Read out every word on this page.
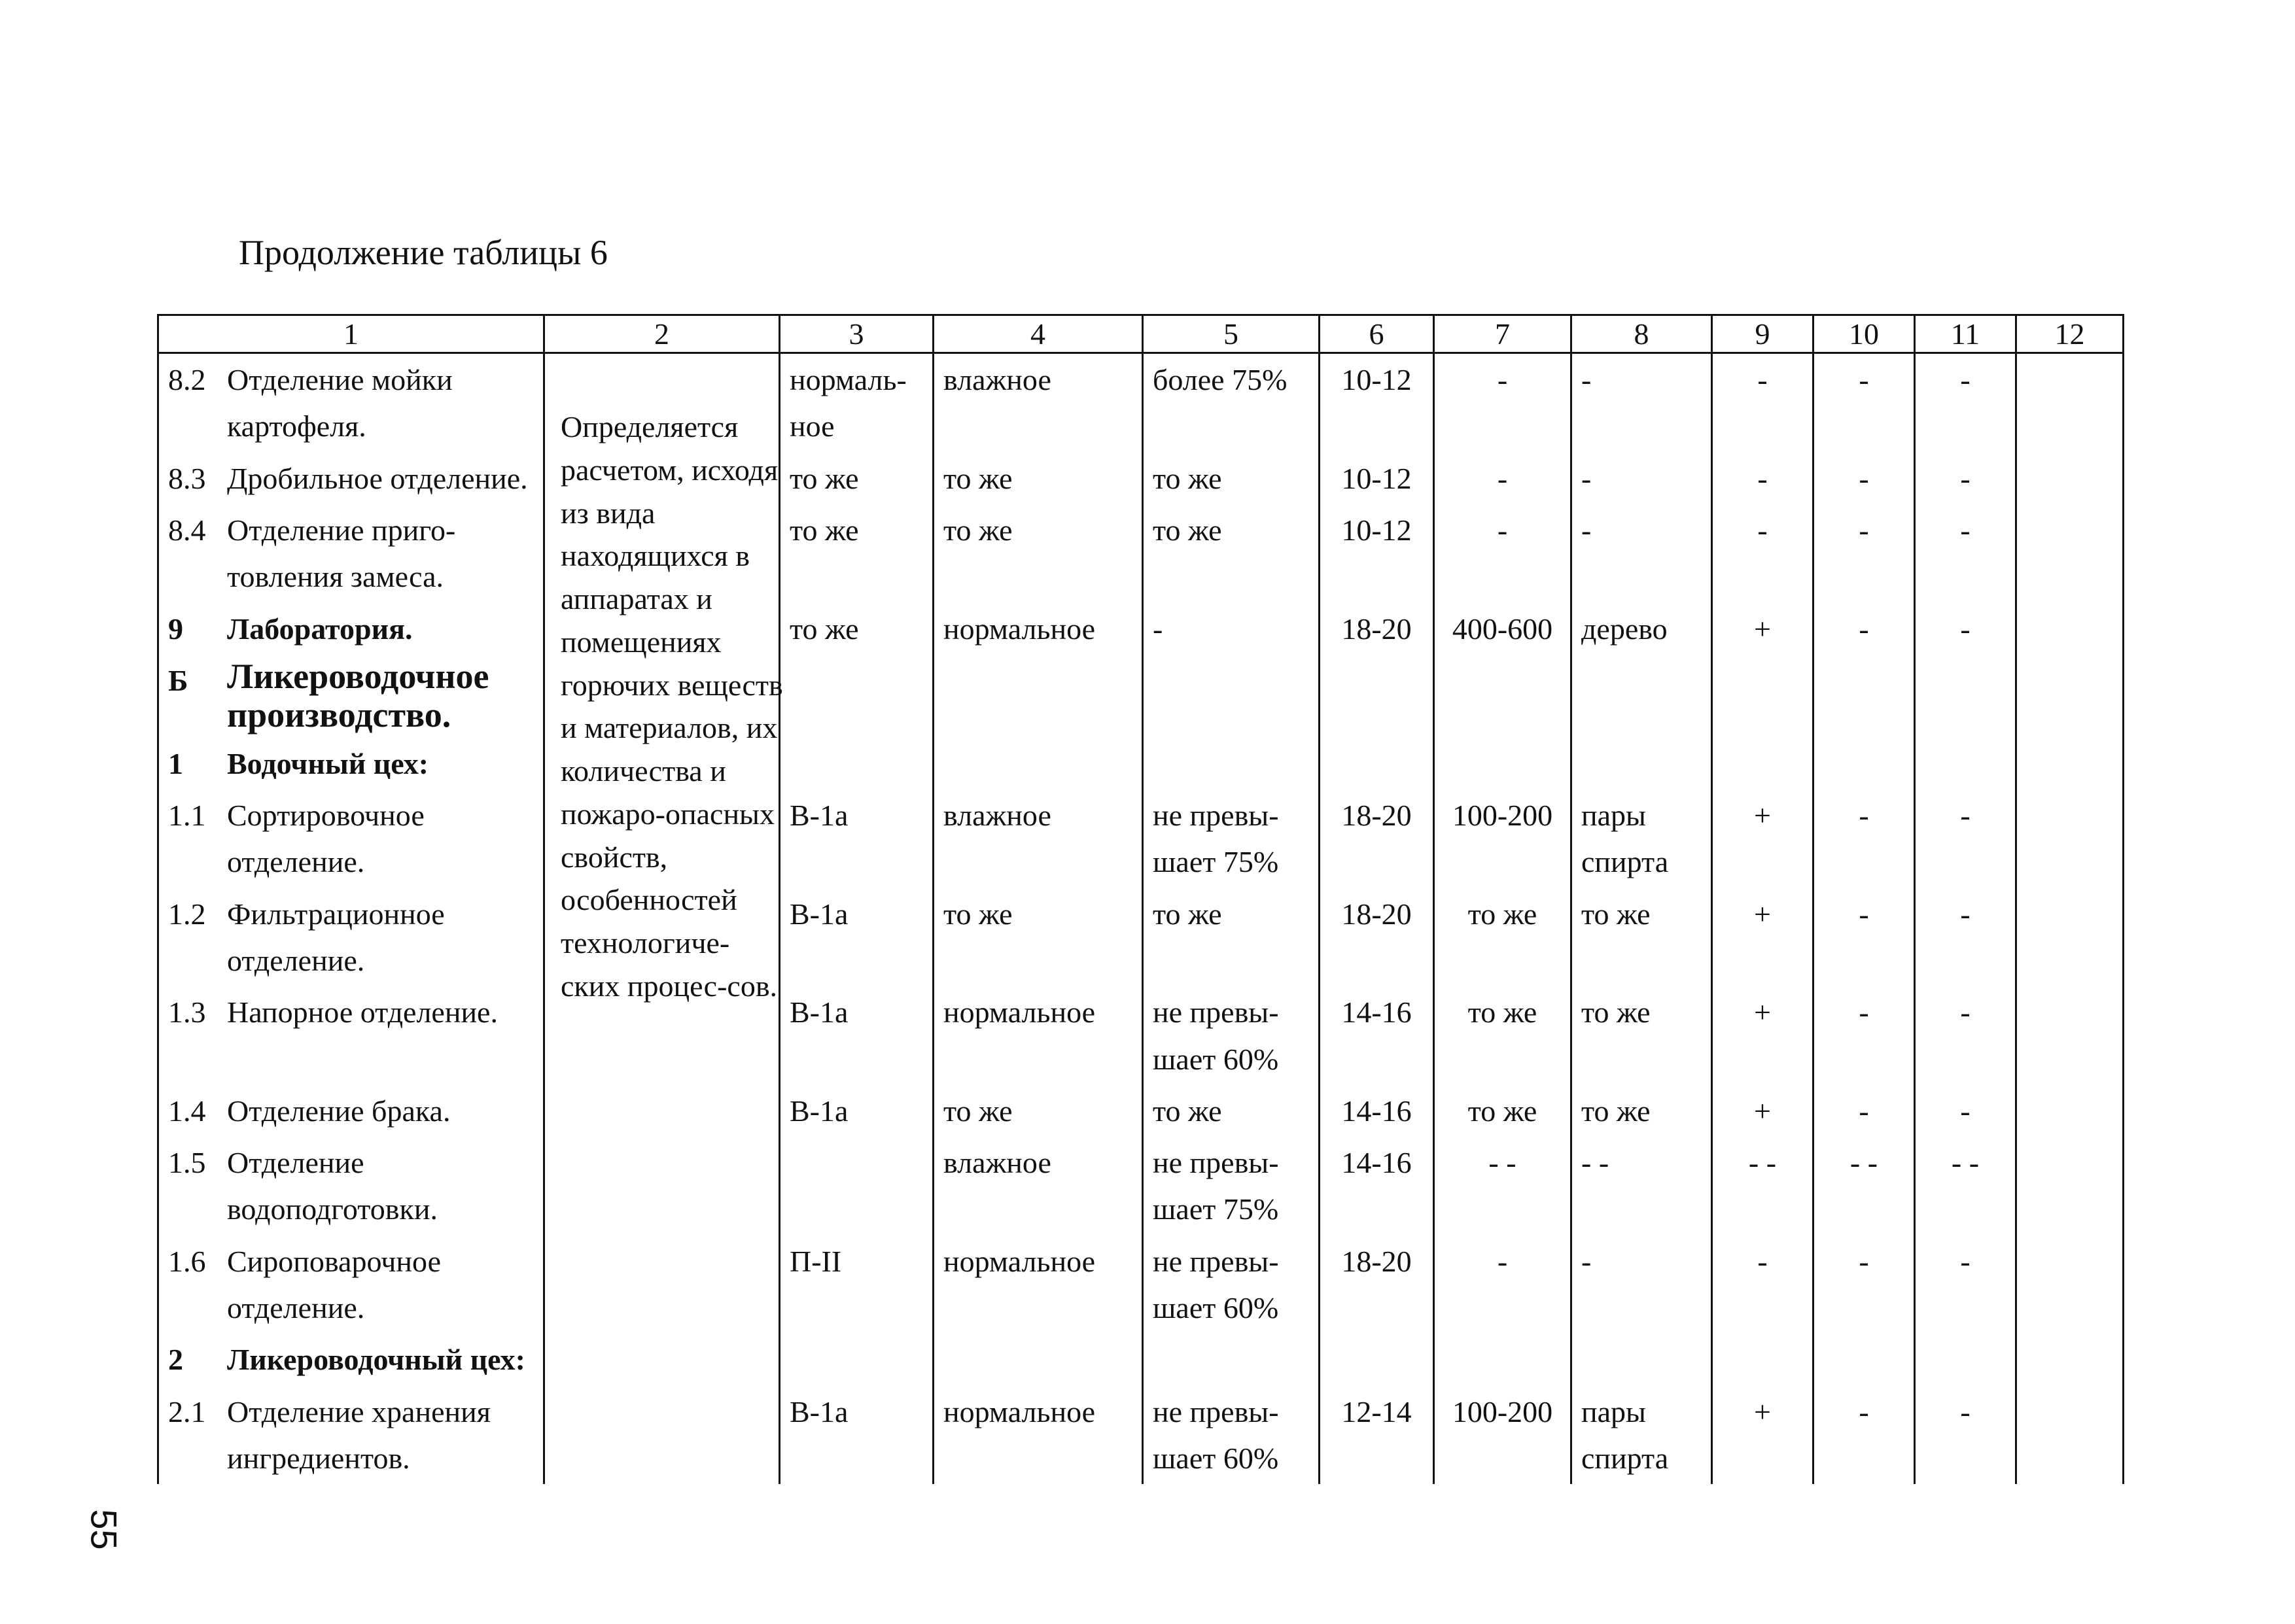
Продолжение таблицы 6
1	2	3	4	5	6	7	8	9	10	11	12

8.2 Отделение мойки картофеля.		нормаль-ное	влажное	более 75%	10-12	-	-	-	-	-	

8.3 Дробильное отделение.		то же	то же	то же	10-12	-	-	-	-	-	

8.4 Отделение приго-товления замеса.		то же	то же	то же	10-12	-	-	-	-	-	

9 Лаборатория.		то же	нормальное	-	18-20	400-600	дерево	+	-	-	

Б Ликероводочное производство.											

1 Водочный цех:											

1.1 Сортировочное отделение.		В-1а	влажное	не превы-шает 75%	18-20	100-200	пары спирта	+	-	-	

1.2 Фильтрационное отделение.		В-1а	то же	то же	18-20	то же	то же	+	-	-	

1.3 Напорное отделение.		В-1а	нормальное	не превы-шает 60%	14-16	то же	то же	+	-	-	

1.4 Отделение брака.		В-1а	то же	то же	14-16	то же	то же	+	-	-	

1.5 Отделение водоподготовки.			влажное	не превы-шает 75%	14-16	- -	- -	- -	- -	- -	

1.6 Сироповарочное отделение.		П-II	нормальное	не превы-шает 60%	18-20	-	-	-	-	-	

2 Ликероводочный цех:											

2.1 Отделение хранения ингредиентов.		В-1а	нормальное	не превы-шает 60%	12-14	100-200	пары спирта	+	-	-	
Определяется расчетом, исходя из вида находящихся в аппаратах и помещениях горючих веществ и материалов, их количества и пожаро-опасных свойств, особенностей технологиче-ских процес-сов.
55
